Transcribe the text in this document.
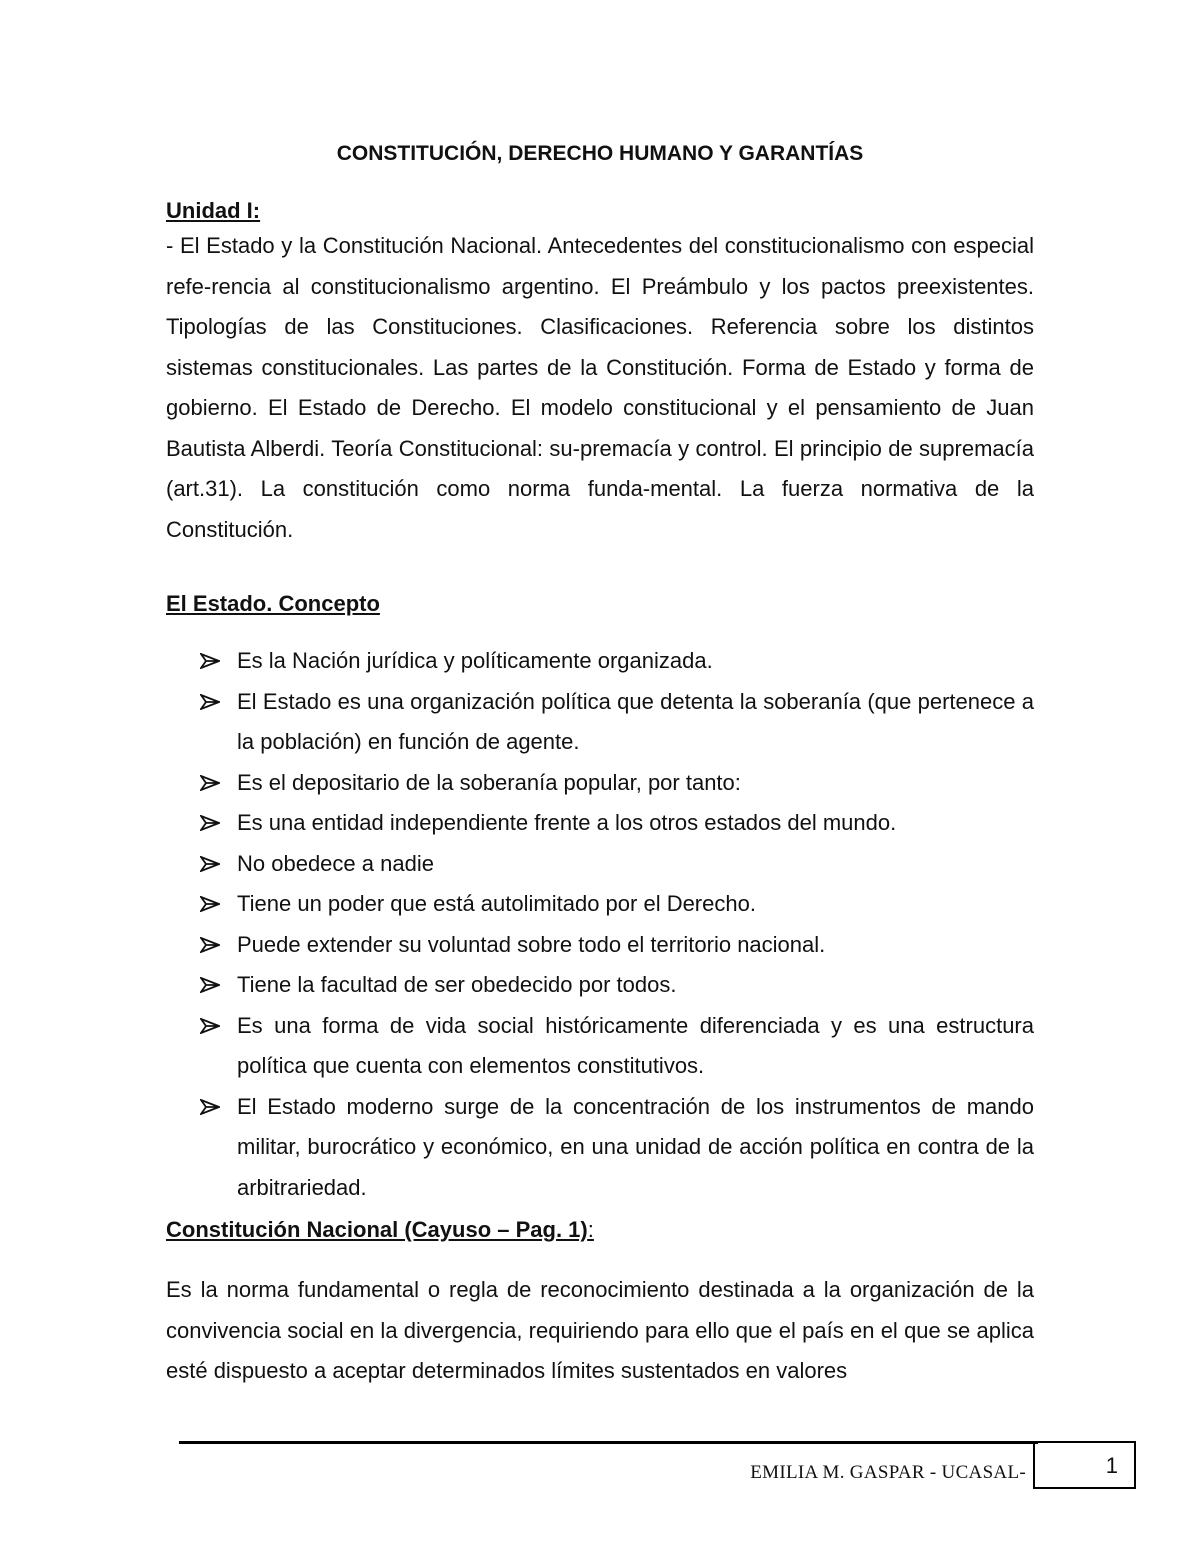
CONSTITUCIÓN, DERECHO HUMANO Y GARANTÍAS
Unidad I:

- El Estado y la Constitución Nacional. Antecedentes del constitucionalismo con especial refe-rencia al constitucionalismo argentino. El Preámbulo y los pactos preexistentes. Tipologías de las Constituciones. Clasificaciones. Referencia sobre los distintos sistemas constitucionales. Las partes de la Constitución. Forma de Estado y forma de gobierno. El Estado de Derecho. El modelo constitucional y el pensamiento de Juan Bautista Alberdi. Teoría Constitucional: su-premacía y control. El principio de supremacía (art.31). La constitución como norma funda-mental. La fuerza normativa de la Constitución.

El Estado. Concepto
Es la Nación jurídica y políticamente organizada.
El Estado es una organización política que detenta la soberanía (que pertenece a la población) en función de agente.
Es el depositario de la soberanía popular, por tanto:
Es una entidad independiente frente a los otros estados del mundo.
No obedece a nadie
Tiene un poder que está autolimitado por el Derecho.
Puede extender su voluntad sobre todo el territorio nacional.
Tiene la facultad de ser obedecido por todos.
Es una forma de vida social históricamente diferenciada y es una estructura política que cuenta con elementos constitutivos.
El Estado moderno surge de la concentración de los instrumentos de mando militar, burocrático y económico, en una unidad de acción política en contra de la arbitrariedad.
Constitución Nacional (Cayuso – Pag. 1):

Es la norma fundamental o regla de reconocimiento destinada a la organización de la convivencia social en la divergencia, requiriendo para ello que el país en el que se aplica esté dispuesto a aceptar determinados límites sustentados en valores

EMILIA M. GASPAR - UCASAL-	1
